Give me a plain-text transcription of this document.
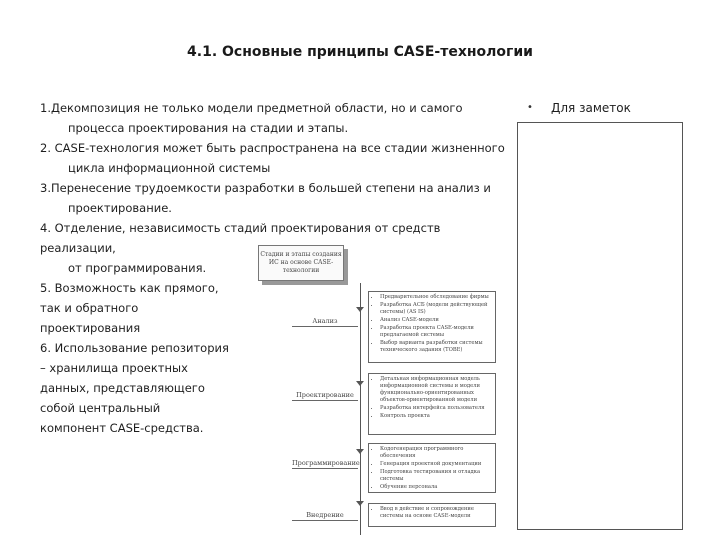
4.1. Основные принципы CASE-технологии
1.Декомпозиция не только модели предметной области, но и самого
процесса проектирования на стадии и этапы.
2. CASE-технология может быть распространена на все стадии жизненного
цикла информационной системы
3.Перенесение трудоемкости разработки в большей степени на анализ и
проектирование.
4. Отделение, независимость стадий проектирования от средств реализации,
от программирования.
5. Возможность как прямого,
так и обратного
проектирования
6. Использование репозитория
– хранилища проектных
данных, представляющего
собой центральный
компонент CASE-средства.
• Для заметок
Стадии и этапы создания ИС на основе CASE-технологии
Анализ
Проектирование
Программирование
Внедрение
• Предварительное обследование фирмы
• Разработка АСБ (модели действующей системы) (AS IS)
• Анализ CASE-модели
• Разработка проекта CASE-модели предлагаемой системы
• Выбор варианта разработки системы технического задания (TOBE)
• Детальная информационная модель информационной системы и модели функционально-ориентированных объектов-ориентированной модели
• Разработка интерфейса пользователя
• Контроль проекта
• Кодогенерация программного обеспечения
• Генерация проектной документации
• Подготовка тестирования и отладка системы
• Обучение персонала
• Ввод в действие и сопровождение системы на основе CASE-модели
